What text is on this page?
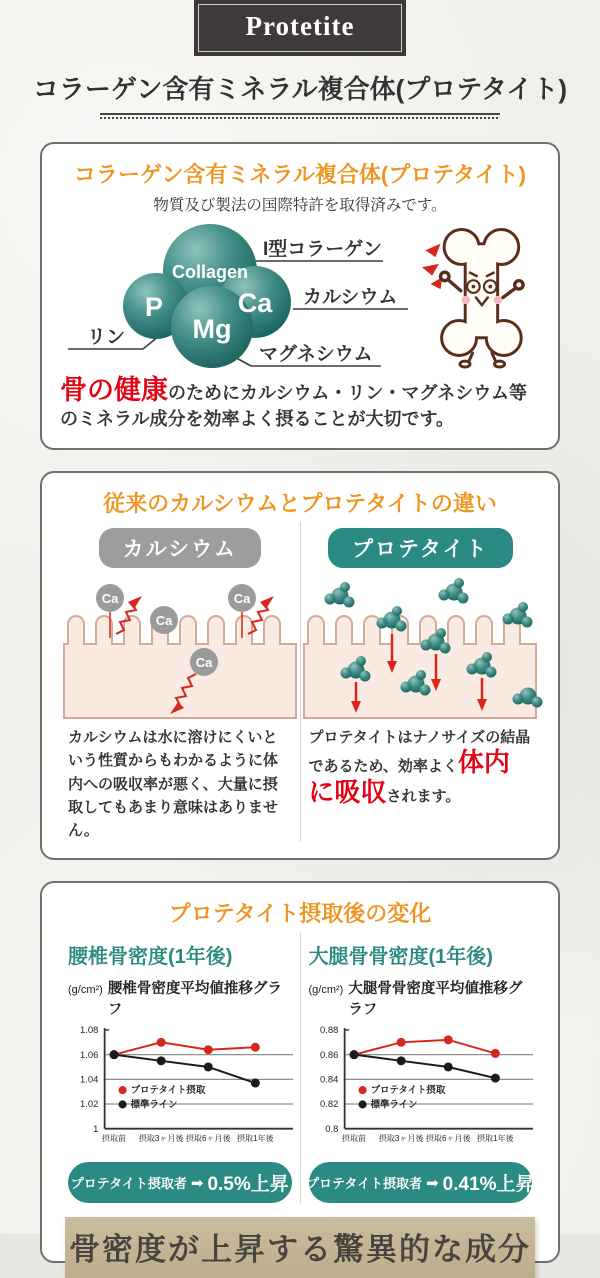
Protetite
コラーゲン含有ミネラル複合体(プロテタイト)
コラーゲン含有ミネラル複合体(プロテタイト)

物質及び製法の国際特許を取得済みです。

Collagen
P	Ca
Mg
I型コラーゲン
カルシウム
マグネシウム
リン

骨の健康のためにカルシウム・リン・マグネシウム等のミネラル成分を効率よく摂ることが大切です。

従来のカルシウムとプロテタイトの違い
カルシウム
Ca
Ca
Ca
Ca

カルシウムは水に溶けにくいという性質からもわかるように体内への吸収率が悪く、大量に摂取してもあまり意味はありません。

プロテタイト

プロテタイトはナノサイズの結晶であるため、効率よく体内に吸収されます。

プロテタイト摂取後の変化
腰椎骨密度(1年後)
(g/cm²) 腰椎骨密度平均値推移グラフ
1.08
1.06
1.04
1.02
1
摂取前 摂取3ヶ月後 摂取6ヶ月後 摂取1年後
プロテタイト摂取
標準ライン
プロテタイト摂取者 ➡ 0.5%上昇
大腿骨骨密度(1年後)
(g/cm²) 大腿骨骨密度平均値推移グラフ
0.88
0.86
0.84
0.82
0.8
摂取前 摂取3ヶ月後 摂取6ヶ月後 摂取1年後
プロテタイト摂取
標準ライン
プロテタイト摂取者 ➡ 0.41%上昇
骨密度が上昇する驚異的な成分
